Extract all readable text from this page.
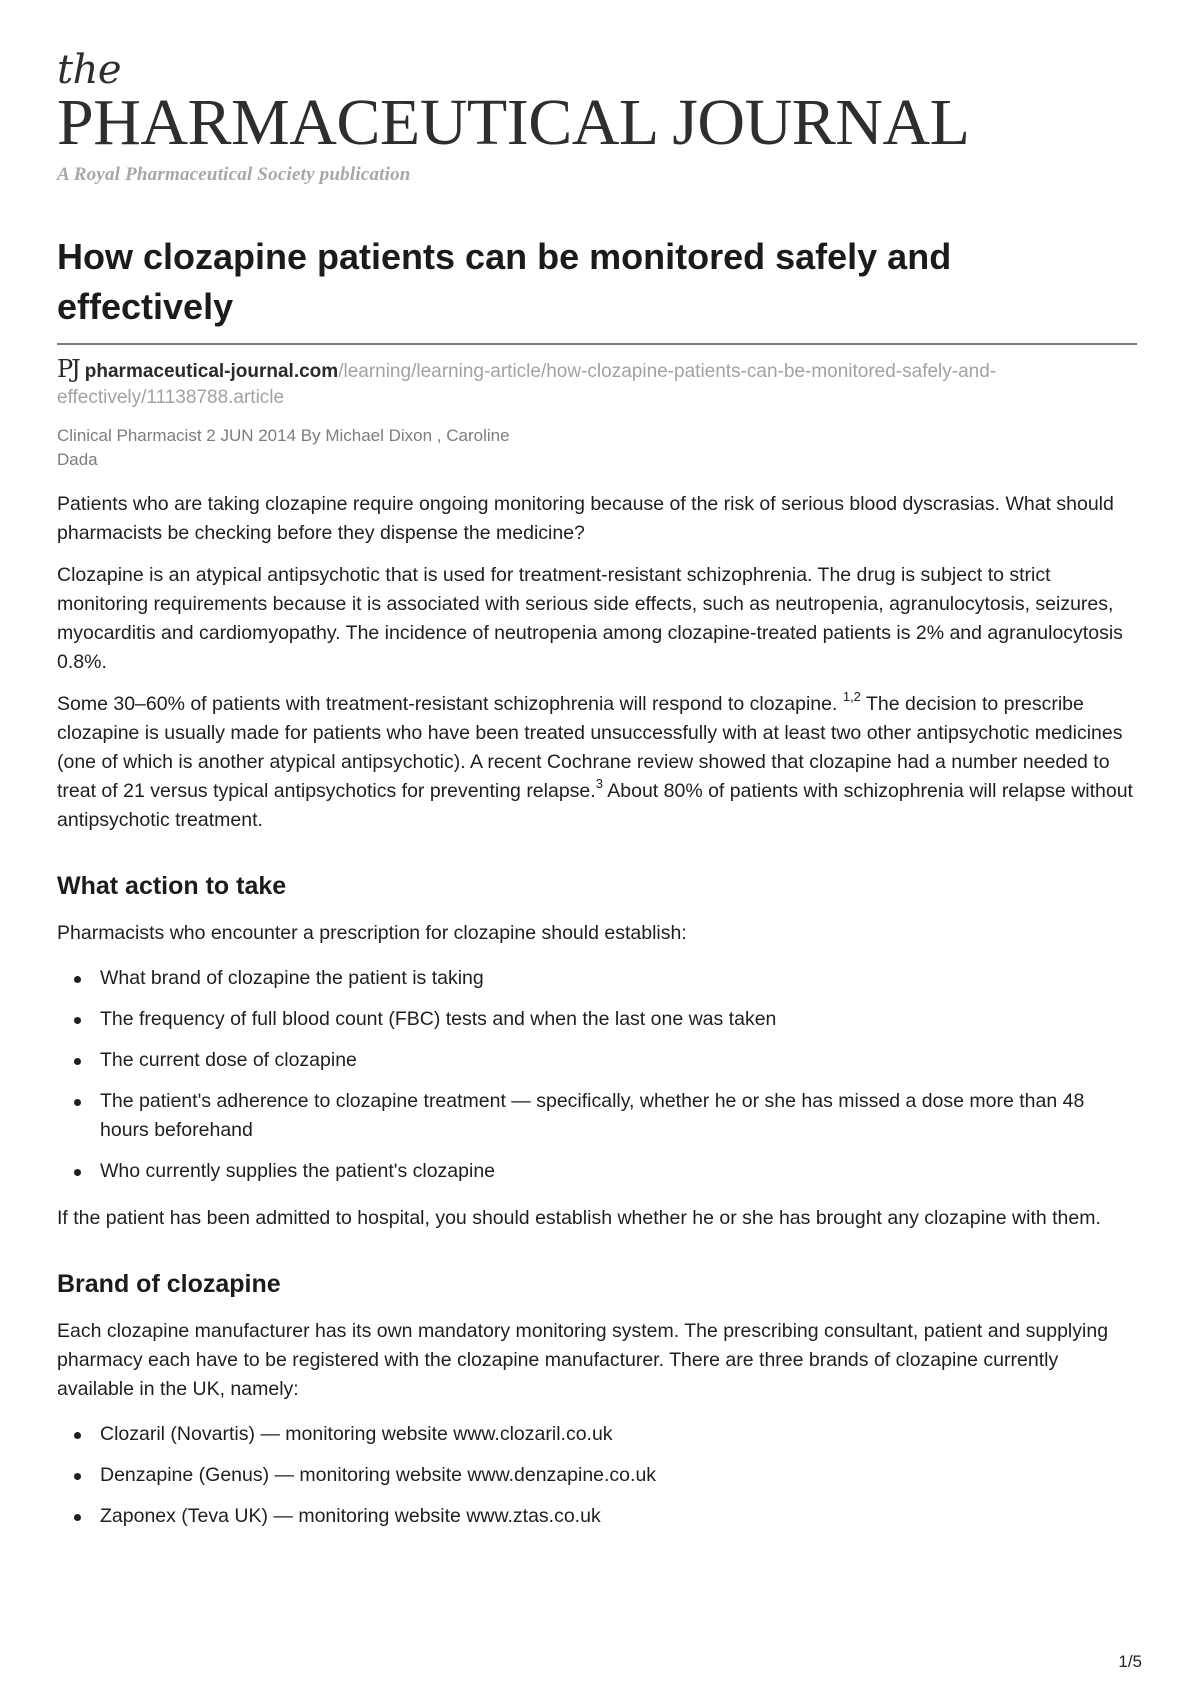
the
PHARMACEUTICAL JOURNAL
A Royal Pharmaceutical Society publication
How clozapine patients can be monitored safely and effectively
PJ pharmaceutical-journal.com/learning/learning-article/how-clozapine-patients-can-be-monitored-safely-and-effectively/11138788.article
Clinical Pharmacist 2 JUN 2014 By Michael Dixon , Caroline
Dada

Patients who are taking clozapine require ongoing monitoring because of the risk of serious blood dyscrasias. What should pharmacists be checking before they dispense the medicine?

Clozapine is an atypical antipsychotic that is used for treatment-resistant schizophrenia. The drug is subject to strict monitoring requirements because it is associated with serious side effects, such as neutropenia, agranulocytosis, seizures, myocarditis and cardiomyopathy. The incidence of neutropenia among clozapine-treated patients is 2% and agranulocytosis 0.8%.

Some 30–60% of patients with treatment-resistant schizophrenia will respond to clozapine. $^{1,2}$ The decision to prescribe clozapine is usually made for patients who have been treated unsuccessfully with at least two other antipsychotic medicines (one of which is another atypical antipsychotic). A recent Cochrane review showed that clozapine had a number needed to treat of 21 versus typical antipsychotics for preventing relapse.$^3$ About 80% of patients with schizophrenia will relapse without antipsychotic treatment.

What action to take

Pharmacists who encounter a prescription for clozapine should establish:

What brand of clozapine the patient is taking
The frequency of full blood count (FBC) tests and when the last one was taken
The current dose of clozapine
The patient's adherence to clozapine treatment — specifically, whether he or she has missed a dose more than 48 hours beforehand
Who currently supplies the patient's clozapine

If the patient has been admitted to hospital, you should establish whether he or she has brought any clozapine with them.

Brand of clozapine

Each clozapine manufacturer has its own mandatory monitoring system. The prescribing consultant, patient and supplying pharmacy each have to be registered with the clozapine manufacturer. There are three brands of clozapine currently available in the UK, namely:

Clozaril (Novartis) — monitoring website www.clozaril.co.uk
Denzapine (Genus) — monitoring website www.denzapine.co.uk
Zaponex (Teva UK) — monitoring website www.ztas.co.uk
1/5
